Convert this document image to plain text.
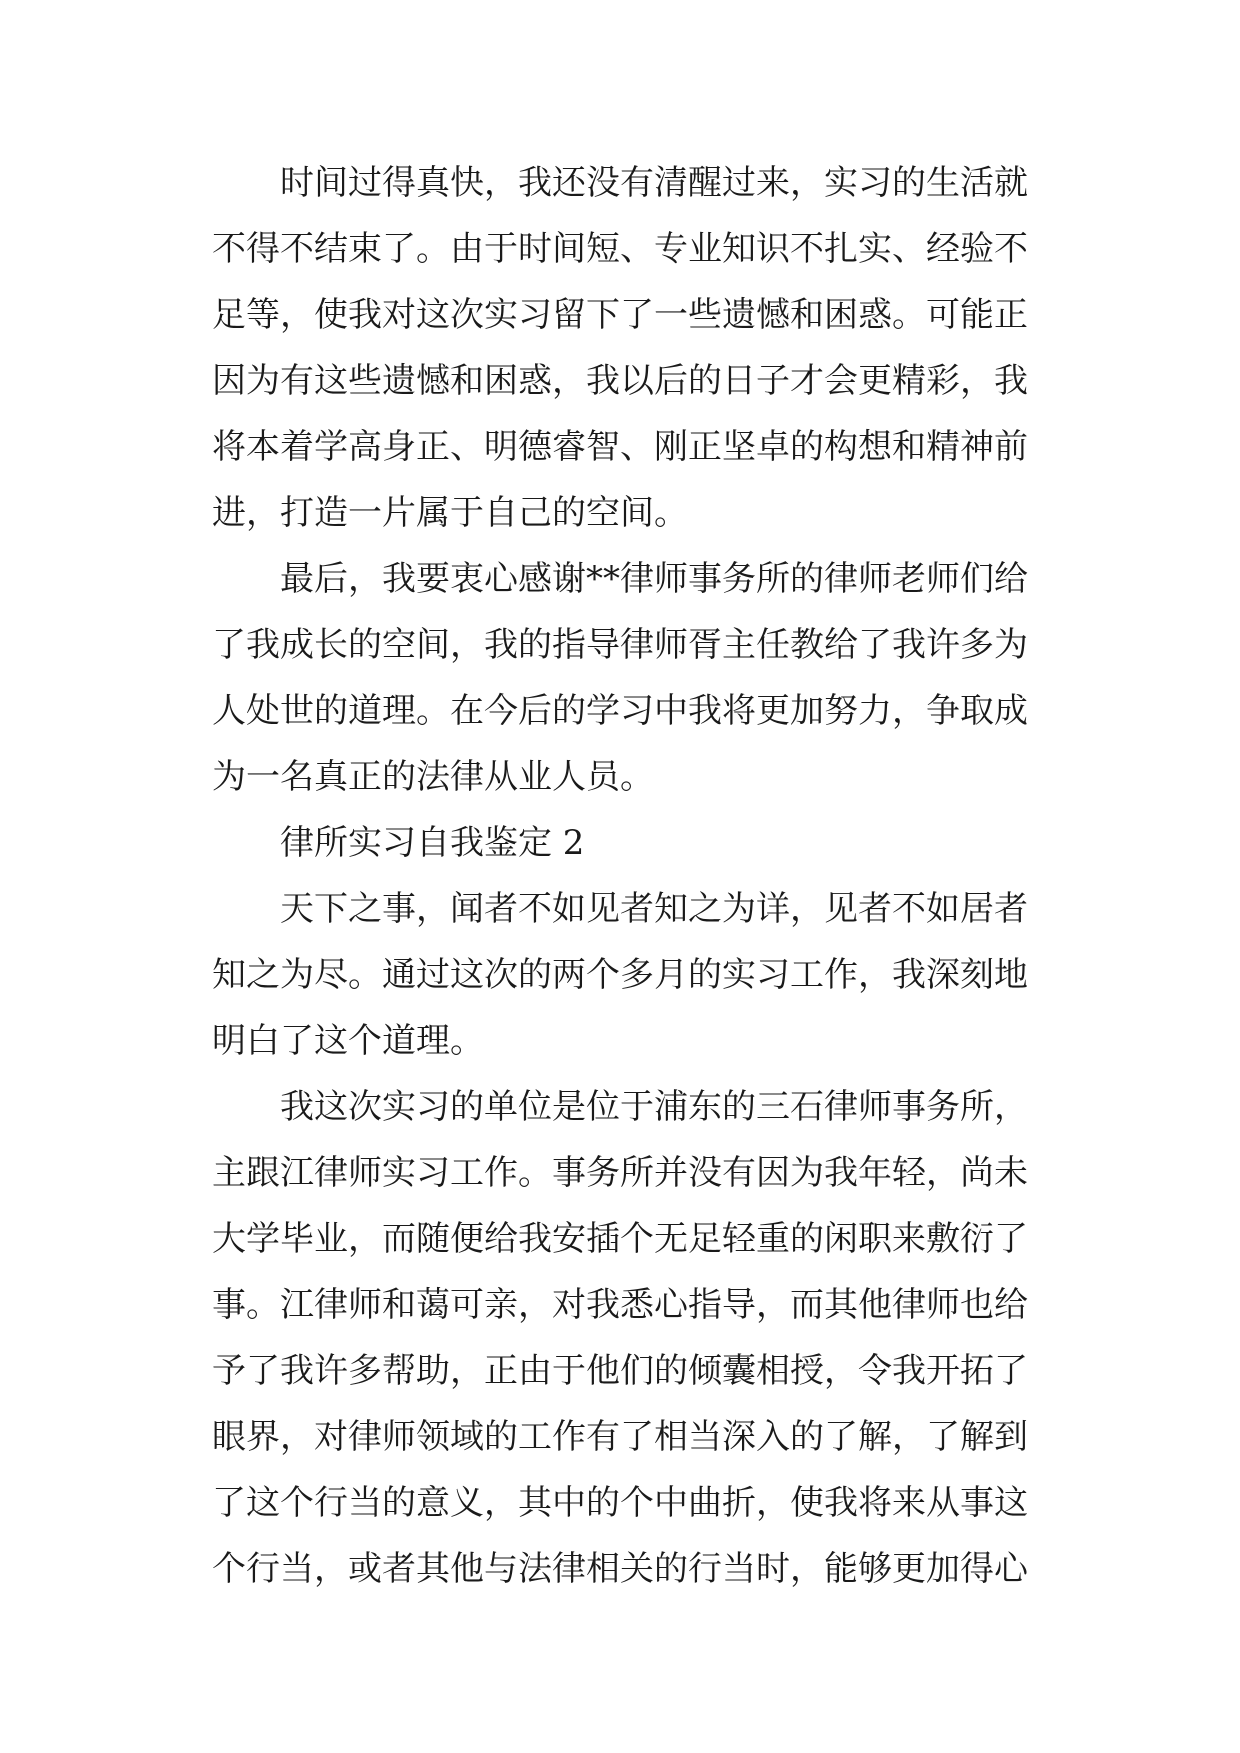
时间过得真快，我还没有清醒过来，实习的生活就
不得不结束了。由于时间短、专业知识不扎实、经验不
足等，使我对这次实习留下了一些遗憾和困惑。可能正
因为有这些遗憾和困惑，我以后的日子才会更精彩，我
将本着学高身正、明德睿智、刚正坚卓的构想和精神前
进，打造一片属于自己的空间。
最后，我要衷心感谢**律师事务所的律师老师们给
了我成长的空间，我的指导律师胥主任教给了我许多为
人处世的道理。在今后的学习中我将更加努力，争取成
为一名真正的法律从业人员。
律所实习自我鉴定 2
天下之事，闻者不如见者知之为详，见者不如居者
知之为尽。通过这次的两个多月的实习工作，我深刻地
明白了这个道理。
我这次实习的单位是位于浦东的三石律师事务所，
主跟江律师实习工作。事务所并没有因为我年轻，尚未
大学毕业，而随便给我安插个无足轻重的闲职来敷衍了
事。江律师和蔼可亲，对我悉心指导，而其他律师也给
予了我许多帮助，正由于他们的倾囊相授，令我开拓了
眼界，对律师领域的工作有了相当深入的了解，了解到
了这个行当的意义，其中的个中曲折，使我将来从事这
个行当，或者其他与法律相关的行当时，能够更加得心
